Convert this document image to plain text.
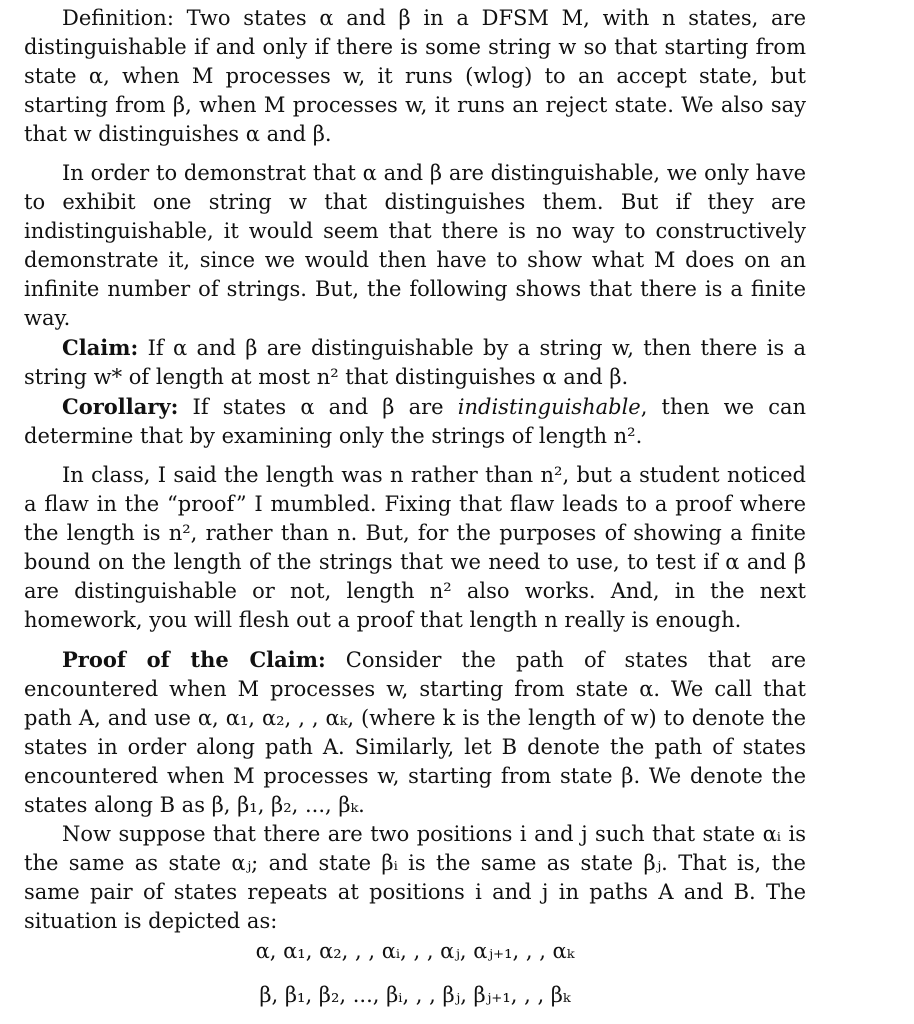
Definition: Two states α and β in a DFSM M, with n states, are distinguishable if and only if there is some string w so that starting from state α, when M processes w, it runs (wlog) to an accept state, but starting from β, when M processes w, it runs an reject state. We also say that w distinguishes α and β.

In order to demonstrat that α and β are distinguishable, we only have to exhibit one string w that distinguishes them. But if they are indistinguishable, it would seem that there is no way to constructively demonstrate it, since we would then have to show what M does on an infinite number of strings. But, the following shows that there is a finite way.

Claim: If α and β are distinguishable by a string w, then there is a string w* of length at most n² that distinguishes α and β.

Corollary: If states α and β are indistinguishable, then we can determine that by examining only the strings of length n².

In class, I said the length was n rather than n², but a student noticed a flaw in the “proof” I mumbled. Fixing that flaw leads to a proof where the length is n², rather than n. But, for the purposes of showing a finite bound on the length of the strings that we need to use, to test if α and β are distinguishable or not, length n² also works. And, in the next homework, you will flesh out a proof that length n really is enough.

Proof of the Claim: Consider the path of states that are encountered when M processes w, starting from state α. We call that path A, and use α, α₁, α₂, , , αₖ, (where k is the length of w) to denote the states in order along path A. Similarly, let B denote the path of states encountered when M processes w, starting from state β. We denote the states along B as β, β₁, β₂, ..., βₖ.

Now suppose that there are two positions i and j such that state αᵢ is the same as state αⱼ; and state βᵢ is the same as state βⱼ. That is, the same pair of states repeats at positions i and j in paths A and B. The situation is depicted as:

α, α₁, α₂, , , αᵢ, , , αⱼ, αⱼ₊₁, , , αₖ
β, β₁, β₂, ..., βᵢ, , , βⱼ, βⱼ₊₁, , , βₖ
